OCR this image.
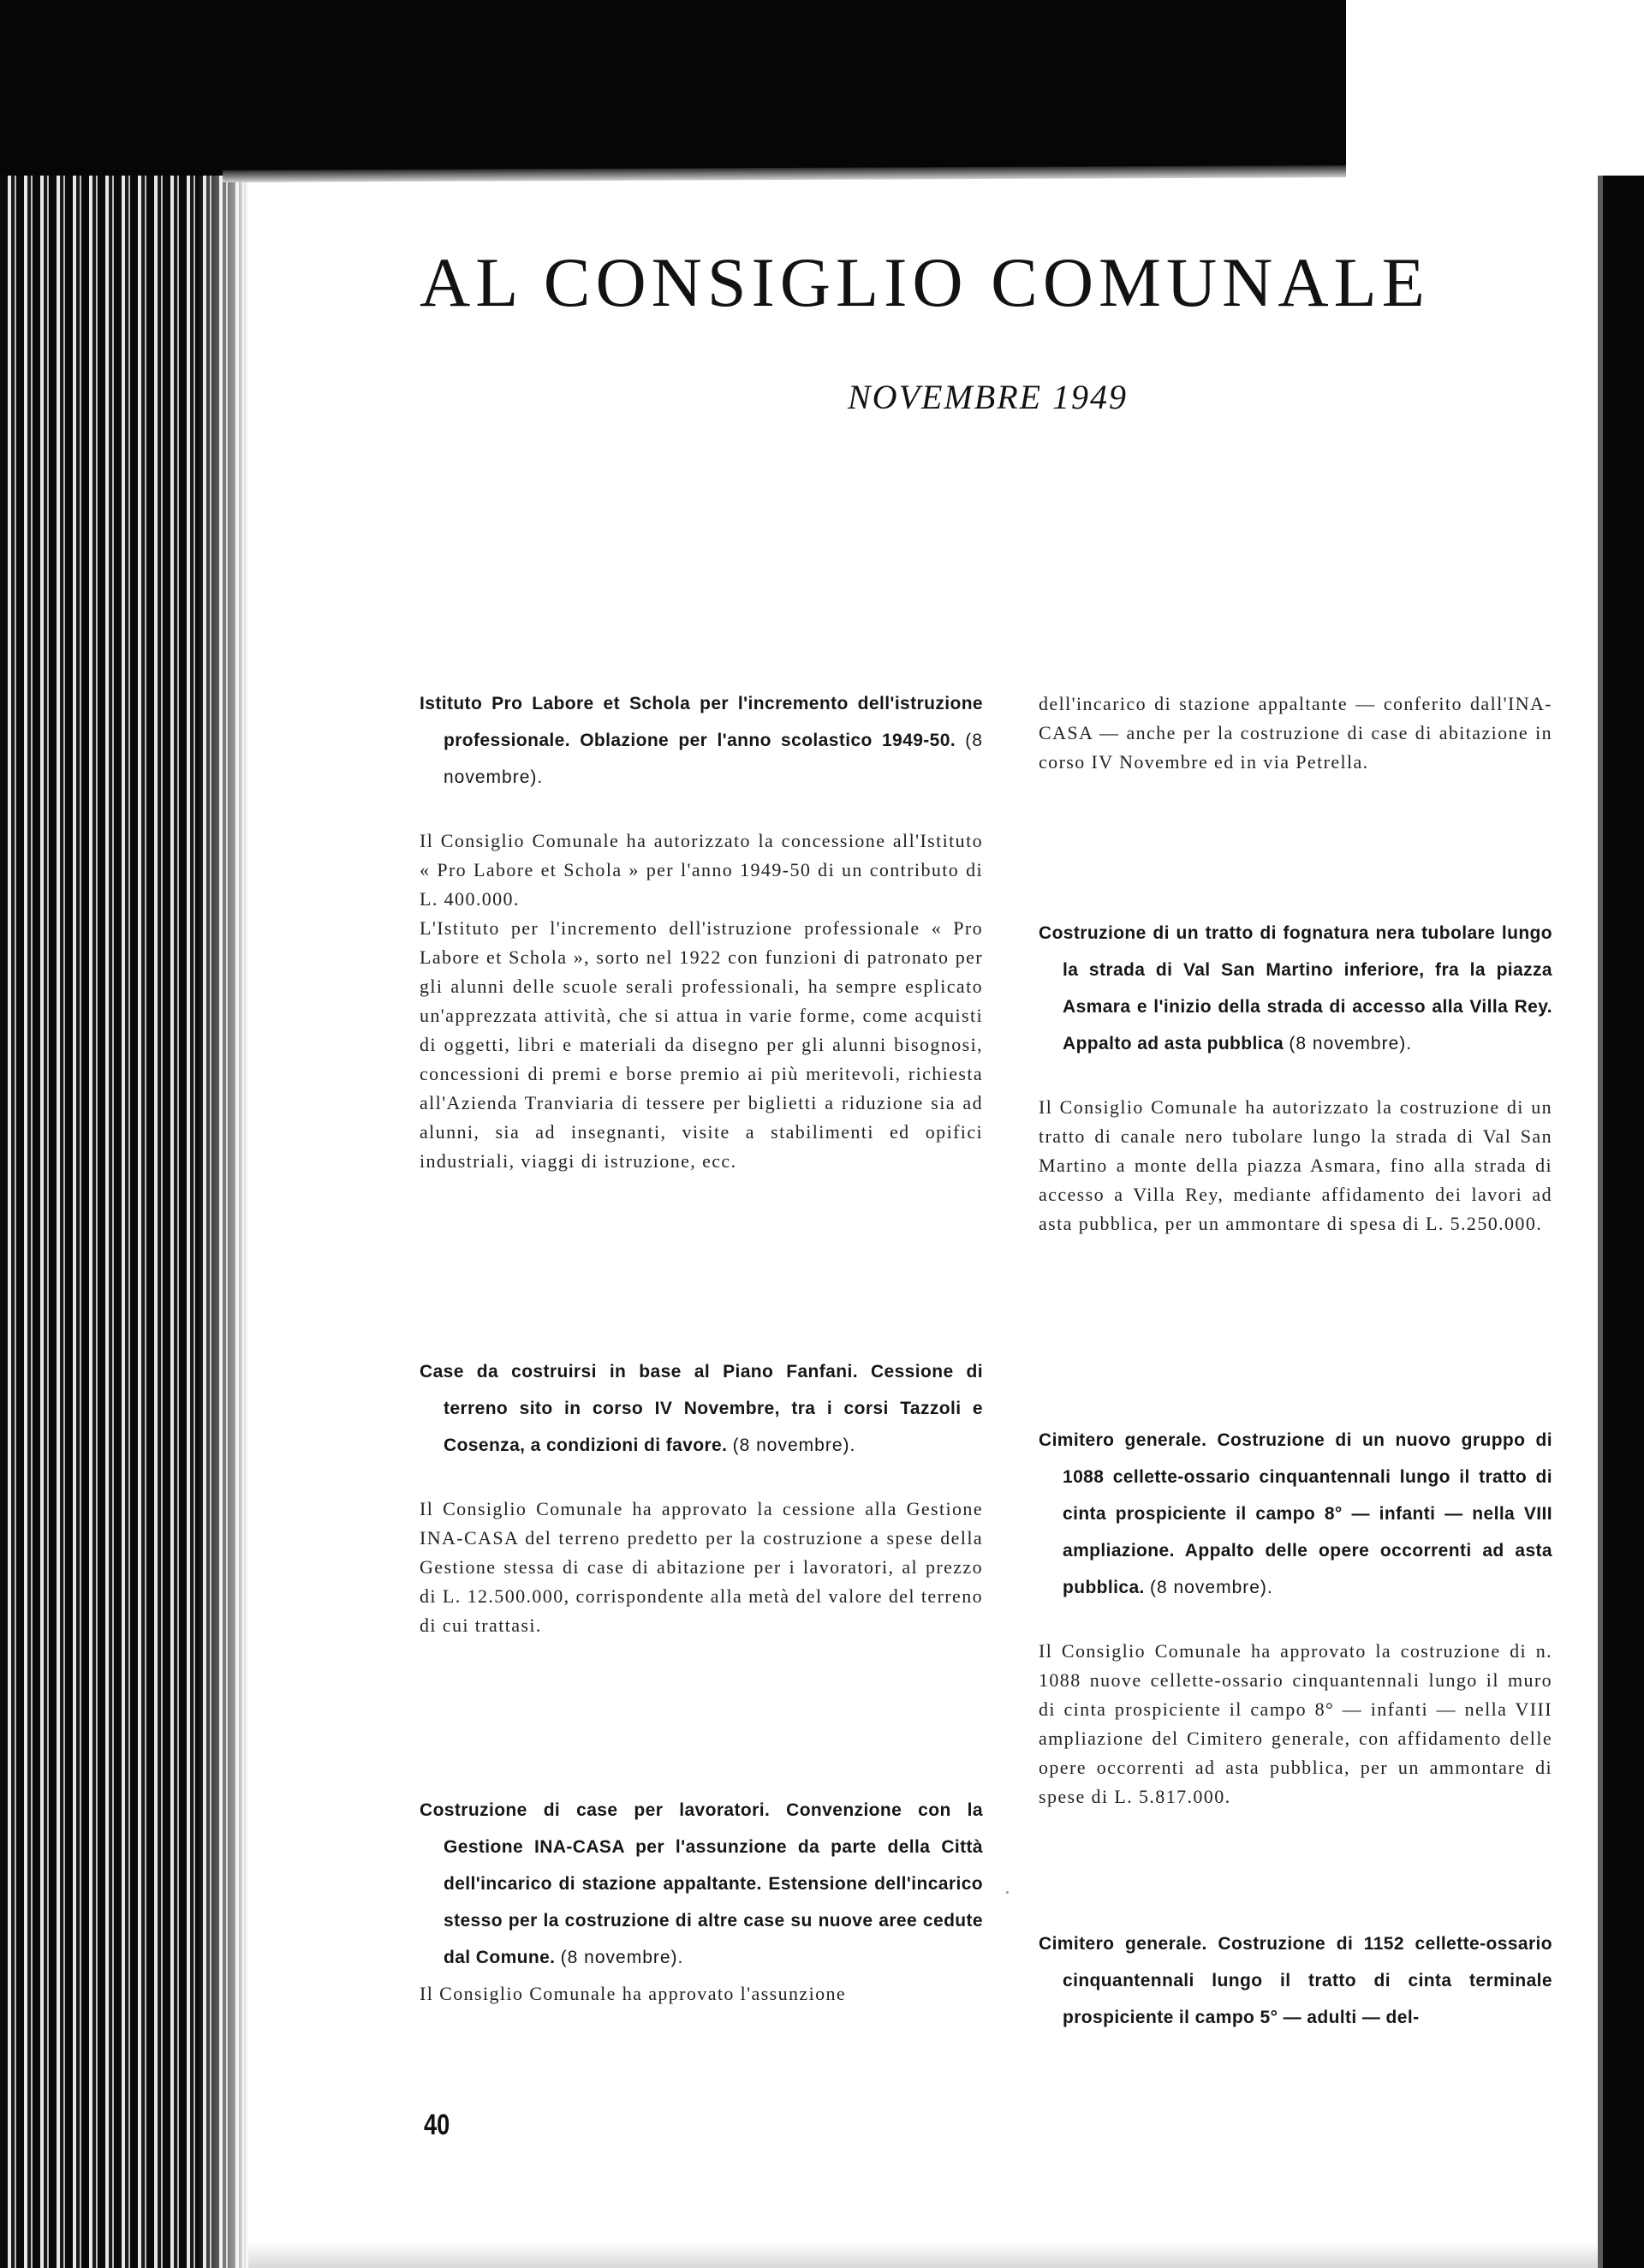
AL CONSIGLIO COMUNALE
NOVEMBRE 1949

Istituto Pro Labore et Schola per l'incremento dell'istruzione professionale. Oblazione per l'anno scolastico 1949-50. (8 novembre).

Il Consiglio Comunale ha autorizzato la concessione all'Istituto « Pro Labore et Schola » per l'anno 1949-50 di un contributo di L. 400.000.

L'Istituto per l'incremento dell'istruzione professionale « Pro Labore et Schola », sorto nel 1922 con funzioni di patronato per gli alunni delle scuole serali professionali, ha sempre esplicato un'apprezzata attività, che si attua in varie forme, come acquisti di oggetti, libri e materiali da disegno per gli alunni bisognosi, concessioni di premi e borse premio ai più meritevoli, richiesta all'Azienda Tranviaria di tessere per biglietti a riduzione sia ad alunni, sia ad insegnanti, visite a stabilimenti ed opifici industriali, viaggi di istruzione, ecc.

Case da costruirsi in base al Piano Fanfani. Cessione di terreno sito in corso IV Novembre, tra i corsi Tazzoli e Cosenza, a condizioni di favore. (8 novembre).

Il Consiglio Comunale ha approvato la cessione alla Gestione INA-CASA del terreno predetto per la costruzione a spese della Gestione stessa di case di abitazione per i lavoratori, al prezzo di L. 12.500.000, corrispondente alla metà del valore del terreno di cui trattasi.

Costruzione di case per lavoratori. Convenzione con la Gestione INA-CASA per l'assunzione da parte della Città dell'incarico di stazione appaltante. Estensione dell'incarico stesso per la costruzione di altre case su nuove aree cedute dal Comune. (8 novembre).

Il Consiglio Comunale ha approvato l'assunzione

dell'incarico di stazione appaltante — conferito dall'INA-CASA — anche per la costruzione di case di abitazione in corso IV Novembre ed in via Petrella.

Costruzione di un tratto di fognatura nera tubolare lungo la strada di Val San Martino inferiore, fra la piazza Asmara e l'inizio della strada di accesso alla Villa Rey. Appalto ad asta pubblica (8 novembre).

Il Consiglio Comunale ha autorizzato la costruzione di un tratto di canale nero tubolare lungo la strada di Val San Martino a monte della piazza Asmara, fino alla strada di accesso a Villa Rey, mediante affidamento dei lavori ad asta pubblica, per un ammontare di spesa di L. 5.250.000.

Cimitero generale. Costruzione di un nuovo gruppo di 1088 cellette-ossario cinquantennali lungo il tratto di cinta prospiciente il campo 8° — infanti — nella VIII ampliazione. Appalto delle opere occorrenti ad asta pubblica. (8 novembre).

Il Consiglio Comunale ha approvato la costruzione di n. 1088 nuove cellette-ossario cinquantennali lungo il muro di cinta prospiciente il campo 8° — infanti — nella VIII ampliazione del Cimitero generale, con affidamento delle opere occorrenti ad asta pubblica, per un ammontare di spese di L. 5.817.000.

Cimitero generale. Costruzione di 1152 cellette-ossario cinquantennali lungo il tratto di cinta terminale prospiciente il campo 5° — adulti — del-

40
